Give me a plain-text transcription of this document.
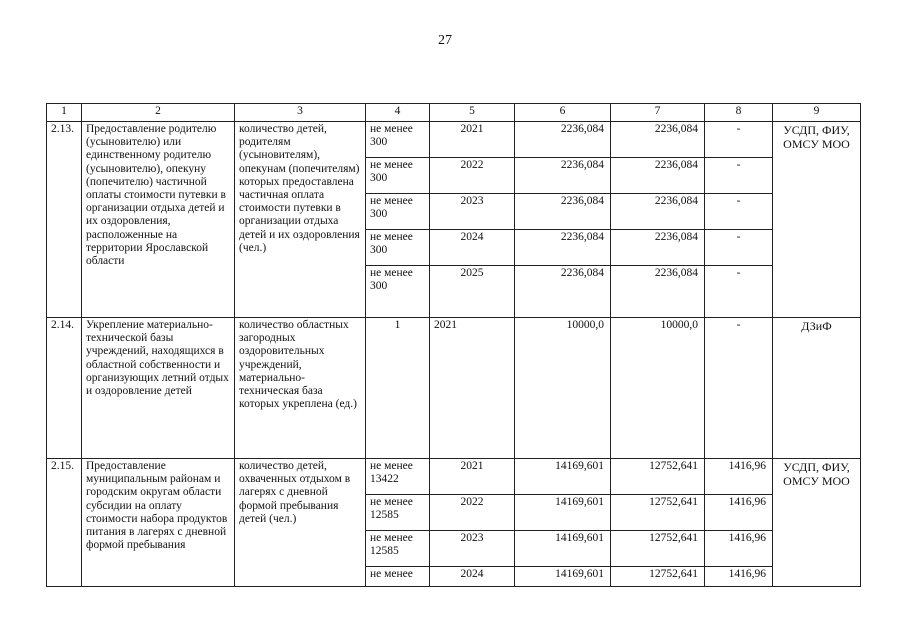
27
1	2	3	4	5	6	7	8	9
2.13.	Предоставление родителю (усыновителю) или единственному родителю (усыновителю), опекуну (попечителю) частичной оплаты стоимости путевки в организации отдыха детей и их оздоровления, расположенные на территории Ярославской области	количество детей, родителям (усыновителям), опекунам (попечителям) которых предоставлена частичная оплата стоимости путевки в организации отдыха детей и их оздоровления (чел.)	не менее 300	2021	2236,084	2236,084	-	УСДП, ФИУ, ОМСУ МОО
			не менее 300	2022	2236,084	2236,084	-	
			не менее 300	2023	2236,084	2236,084	-	
			не менее 300	2024	2236,084	2236,084	-	
			не менее 300	2025	2236,084	2236,084	-	
2.14.	Укрепление материально-технической базы учреждений, находящихся в областной собственности и организующих летний отдых и оздоровление детей	количество областных загородных оздоровительных учреждений, материально-техническая база которых укреплена (ед.)	1	2021	10000,0	10000,0	-	ДЗиФ
2.15.	Предоставление муниципальным районам и городским округам области субсидии на оплату стоимости набора продуктов питания в лагерях с дневной формой пребывания	количество детей, охваченных отдыхом в лагерях с дневной формой пребывания детей (чел.)	не менее 13422	2021	14169,601	12752,641	1416,96	УСДП, ФИУ, ОМСУ МОО
			не менее 12585	2022	14169,601	12752,641	1416,96	
			не менее 12585	2023	14169,601	12752,641	1416,96	
			не менее	2024	14169,601	12752,641	1416,96	
